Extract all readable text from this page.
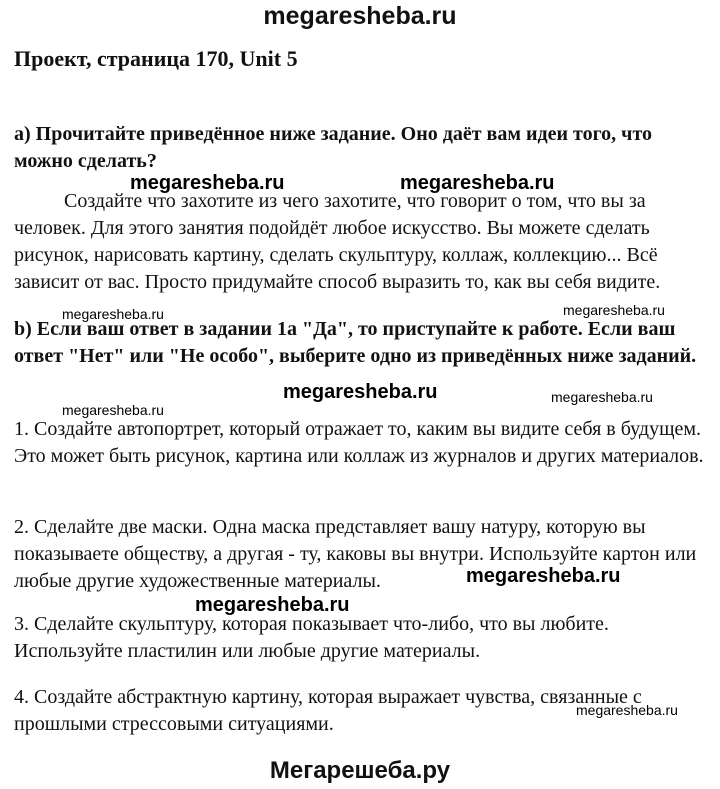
megaresheba.ru
Проект, страница 170, Unit 5

а) Прочитайте приведённое ниже задание. Оно даёт вам идеи того, что можно сделать?

Создайте что захотите из чего захотите, что говорит о том, что вы за человек. Для этого занятия подойдёт любое искусство. Вы можете сделать рисунок, нарисовать картину, сделать скульптуру, коллаж, коллекцию... Всё зависит от вас. Просто придумайте способ выразить то, как вы себя видите.

b) Если ваш ответ в задании 1а "Да", то приступайте к работе. Если ваш ответ "Нет" или "Не особо", выберите одно из приведённых ниже заданий.

1. Создайте автопортрет, который отражает то, каким вы видите себя в будущем. Это может быть рисунок, картина или коллаж из журналов и других материалов.

2. Сделайте две маски. Одна маска представляет вашу натуру, которую вы показываете обществу, а другая - ту, каковы вы внутри. Используйте картон или любые другие художественные материалы.

3. Сделайте скульптуру, которая показывает что-либо, что вы любите. Используйте пластилин или любые другие материалы.

4. Создайте абстрактную картину, которая выражает чувства, связанные с прошлыми стрессовыми ситуациями.

megaresheba.ru	megaresheba.ru
megaresheba.ru	megaresheba.ru
megaresheba.ru	megaresheba.ru
megaresheba.ru
megaresheba.ru
megaresheba.ru
megaresheba.ru
Мегарешеба.ру
